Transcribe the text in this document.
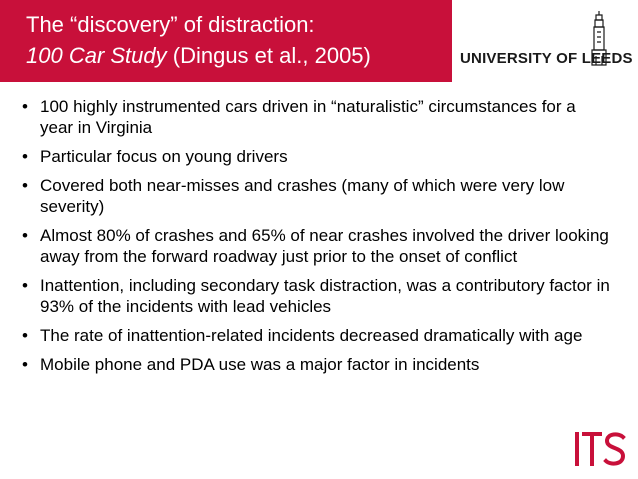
The “discovery” of distraction:
100 Car Study (Dingus et al., 2005)	UNIVERSITY OF LEEDS
• 100 highly instrumented cars driven in “naturalistic” circumstances for a year in Virginia
• Particular focus on young drivers
• Covered both near-misses and crashes (many of which were very low severity)
• Almost 80% of crashes and 65% of near crashes involved the driver looking away from the forward roadway just prior to the onset of conflict
• Inattention, including secondary task distraction, was a contributory factor in 93% of the incidents with lead vehicles
• The rate of inattention-related incidents decreased dramatically with age
• Mobile phone and PDA use was a major factor in incidents
